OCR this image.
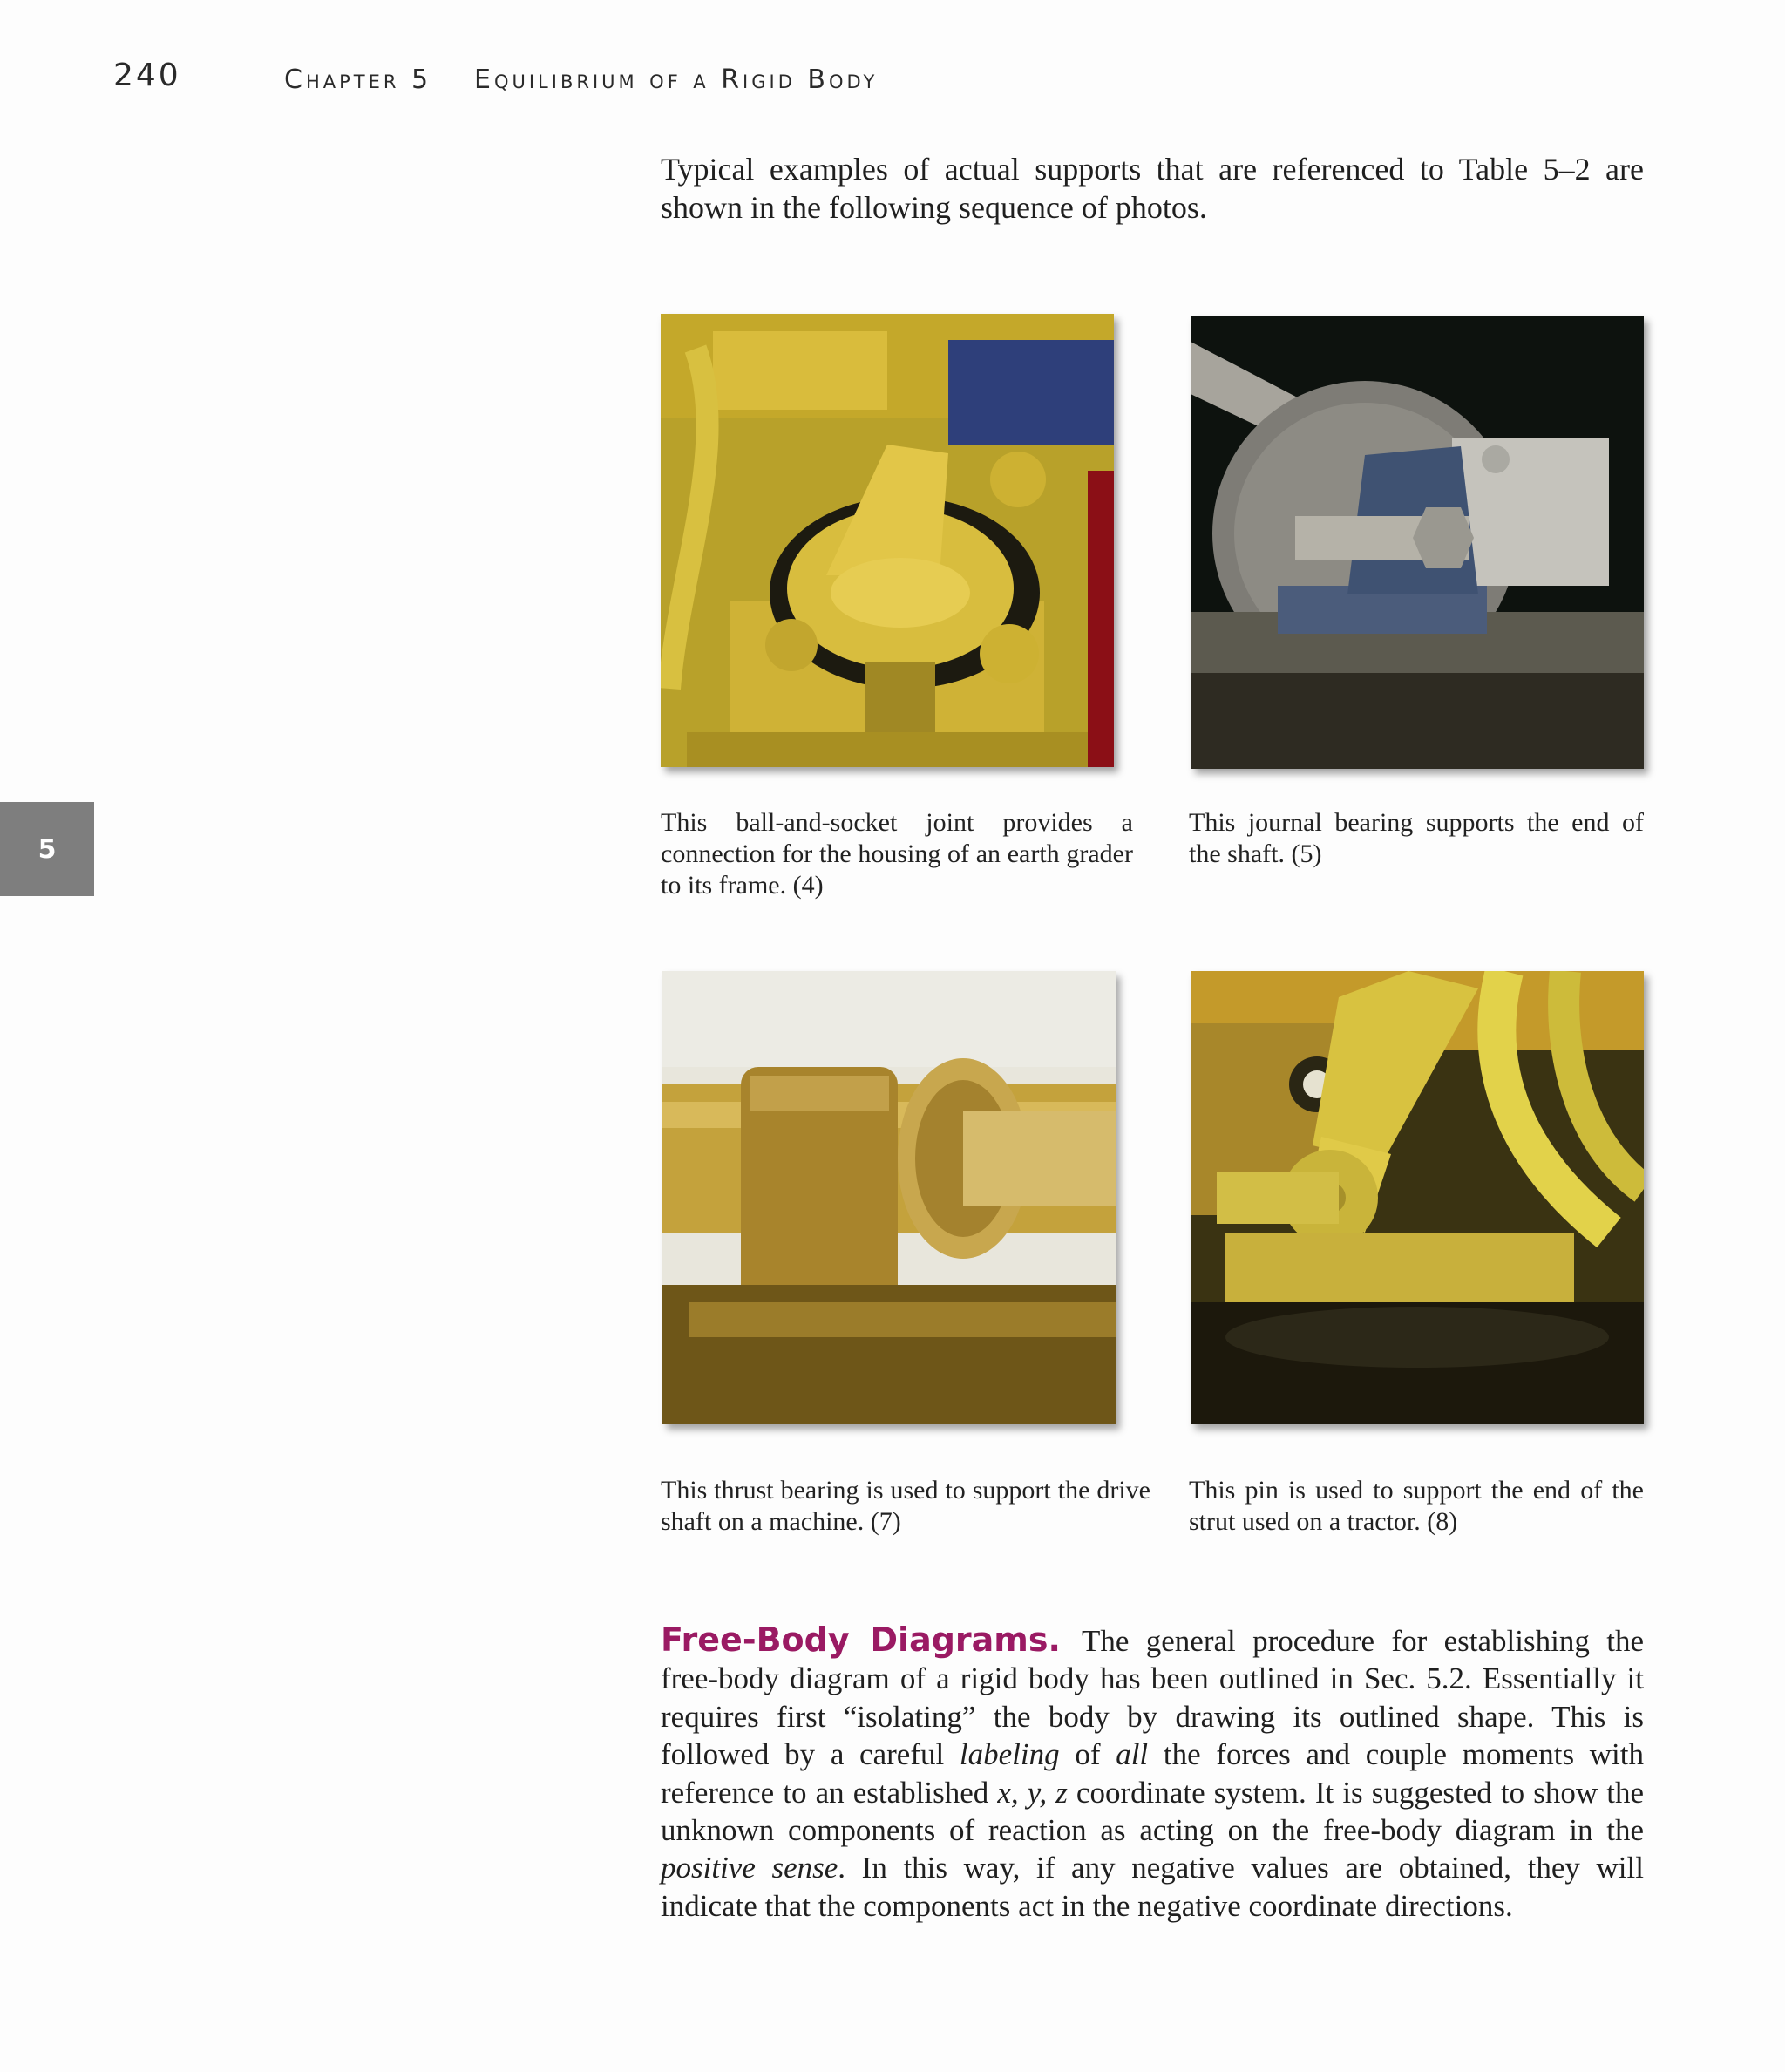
240	Chapter 5 Equilibrium of a Rigid Body
5

Typical examples of actual supports that are referenced to Table 5–2 are shown in the following sequence of photos.

This ball-and-socket joint provides a connection for the housing of an earth grader to its frame. (4)

This journal bearing supports the end of the shaft. (5)

This thrust bearing is used to support the drive shaft on a machine. (7)

This pin is used to support the end of the strut used on a tractor. (8)

Free-Body Diagrams. The general procedure for establishing the free-body diagram of a rigid body has been outlined in Sec. 5.2. Essentially it requires first “isolating” the body by drawing its outlined shape. This is followed by a careful labeling of all the forces and couple moments with reference to an established x, y, z coordinate system. It is suggested to show the unknown components of reaction as acting on the free-body diagram in the positive sense. In this way, if any negative values are obtained, they will indicate that the components act in the negative coordinate directions.
